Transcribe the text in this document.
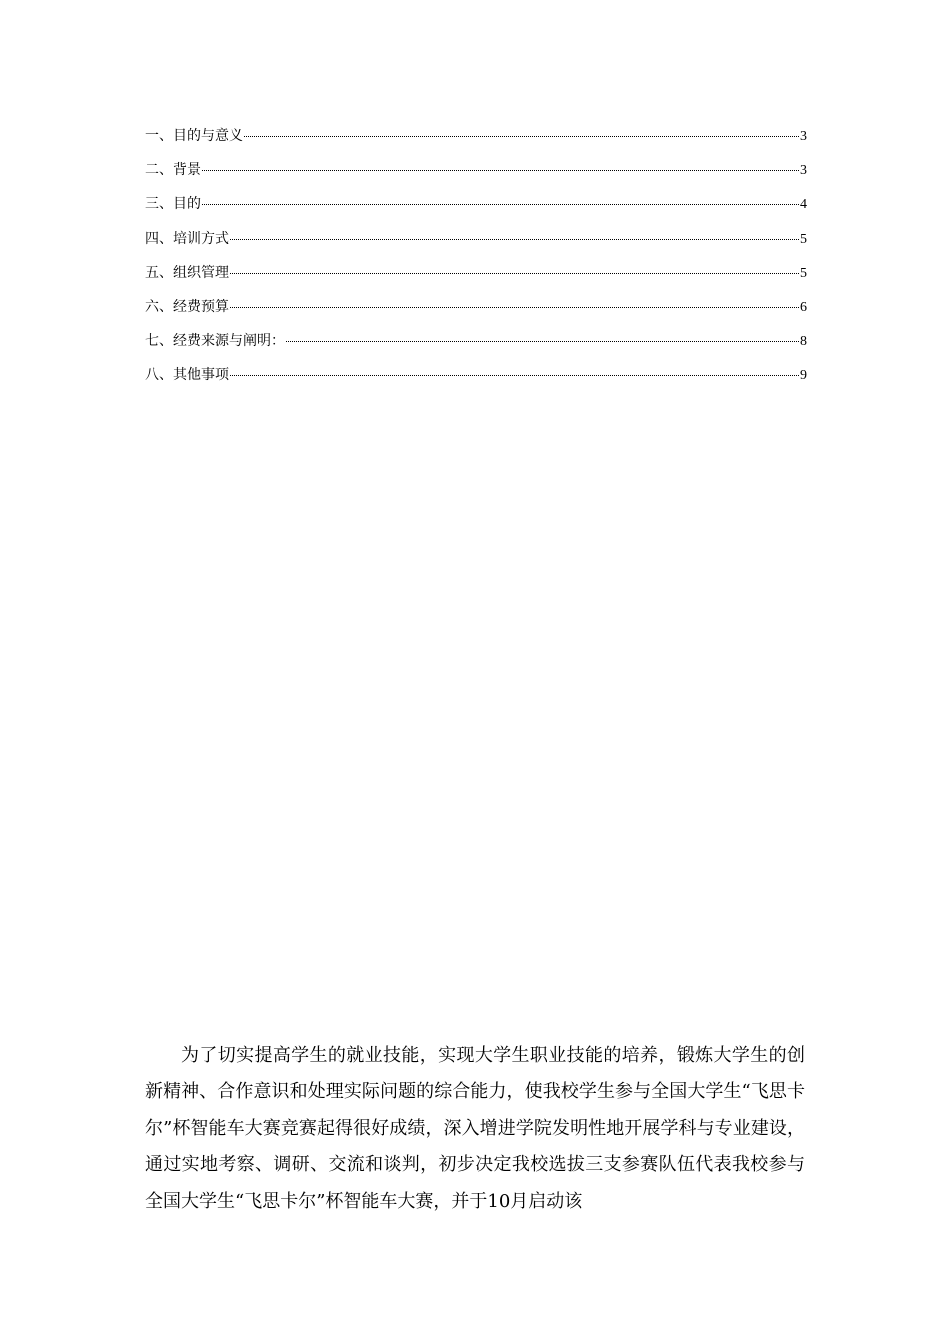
一、目的与意义	3
二、背景	3
三、目的	4
四、培训方式	5
五、组织管理	5
六、经费预算	6
七、经费来源与阐明：	8
八、其他事项	9

为了切实提高学生的就业技能，实现大学生职业技能的培养，锻炼大学生的创新精神、合作意识和处理实际问题的综合能力，使我校学生参与全国大学生“飞思卡尔”杯智能车大赛竞赛起得很好成绩，深入增进学院发明性地开展学科与专业建设，通过实地考察、调研、交流和谈判，初步决定我校选拔三支参赛队伍代表我校参与全国大学生“飞思卡尔”杯智能车大赛，并于10月启动该
